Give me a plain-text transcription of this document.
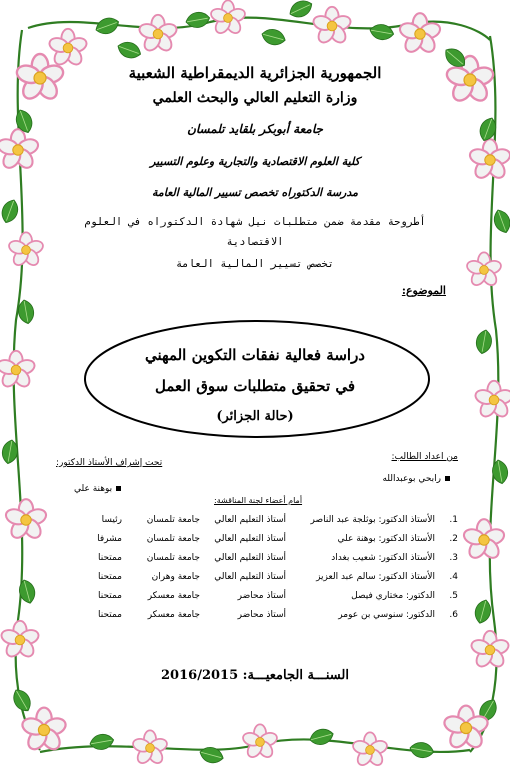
الجمهورية الجزائرية الديمقراطية الشعبية
وزارة التعليم العالي والبحث العلمي
جامعة أبوبكر بلقايد تلمسان
كلية العلوم الاقتصادية والتجارية وعلوم التسيير
مدرسة الدكتوراه تخصص تسيير المالية العامة
أطروحة مقدمة ضمن متطلبات نيل شهادة الدكتوراه في العلوم
الاقتصادية
تخصص تسيير المالية العامة
الموضوع:
دراسة فعالية نفقات التكوين المهني
في تحقيق متطلبات سوق العمل
(حالة الجزائر)
من اعداد الطالب:
رابحي بوعبدالله
تحت إشراف الأستاذ الدكتور:
بوهنة علي
أمام أعضاء لجنة المناقشة:
1.
الأستاذ الدكتور: بوثلجة عبد الناصر
أستاذ التعليم العالي
جامعة تلمسان
رئيسا
2.
الأستاذ الدكتور: بوهنة علي
أستاذ التعليم العالي
جامعة تلمسان
مشرفا
3.
الأستاذ الدكتور: شعيب بغداد
أستاذ التعليم العالي
جامعة تلمسان
ممتحنا
4.
الأستاذ الدكتور: سالم عبد العزيز
أستاذ التعليم العالي
جامعة وهران
ممتحنا
5.
الدكتور: مختاري فيصل
أستاذ محاضر
جامعة معسكر
ممتحنا
6.
الدكتور: سنوسي بن عومر
أستاذ محاضر
جامعة معسكر
ممتحنا
السنـــة الجامعيـــة: 2016/2015
